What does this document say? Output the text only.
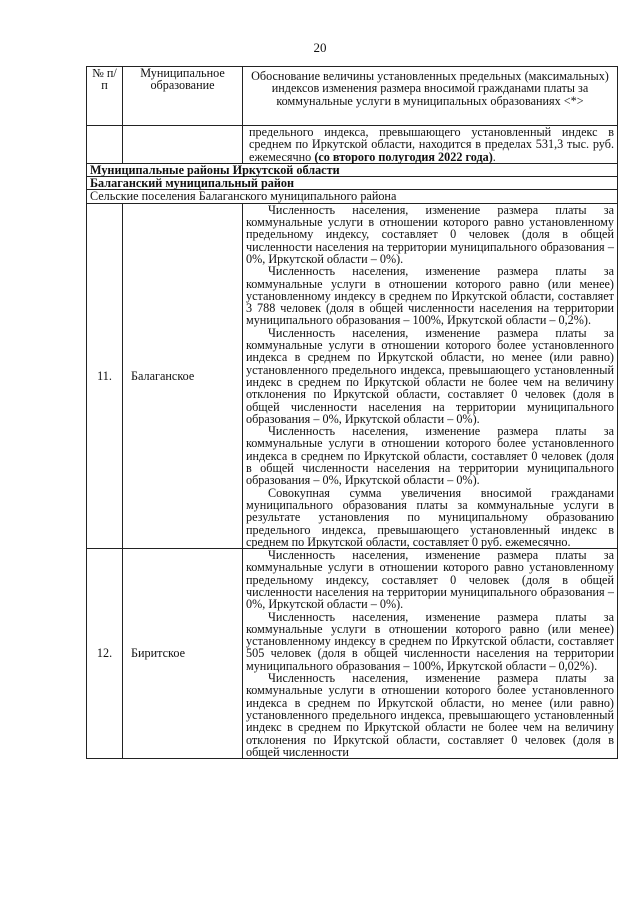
20
№ п/п	Муниципальное образование	Обоснование величины установленных предельных (максимальных) индексов изменения размера вносимой гражданами платы за коммунальные услуги в муниципальных образованиях <*>
		предельного индекса, превышающего установленный индекс в среднем по Иркутской области, находится в пределах 531,3 тыс. руб. ежемесячно (со второго полугодия 2022 года).
Муниципальные районы Иркутской области		
Балаганский муниципальный район		
Сельские поселения Балаганского муниципального района		
11.	Балаганское	Численность населения, изменение размера платы за коммунальные услуги в отношении которого равно установленному предельному индексу, составляет 0 человек (доля в общей численности населения на территории муниципального образования – 0%, Иркутской области – 0%).

Численность населения, изменение размера платы за коммунальные услуги в отношении которого равно (или менее) установленному индексу в среднем по Иркутской области, составляет 3 788 человек (доля в общей численности населения на территории муниципального образования – 100%, Иркутской области – 0,2%).

Численность населения, изменение размера платы за коммунальные услуги в отношении которого более установленного индекса в среднем по Иркутской области, но менее (или равно) установленного предельного индекса, превышающего установленный индекс в среднем по Иркутской области не более чем на величину отклонения по Иркутской области, составляет 0 человек (доля в общей численности населения на территории муниципального образования – 0%, Иркутской области – 0%).

Численность населения, изменение размера платы за коммунальные услуги в отношении которого более установленного индекса в среднем по Иркутской области, составляет 0 человек (доля в общей численности населения на территории муниципального образования – 0%, Иркутской области – 0%).

Совокупная сумма увеличения вносимой гражданами муниципального образования платы за коммунальные услуги в результате установления по муниципальному образованию предельного индекса, превышающего установленный индекс в среднем по Иркутской области, составляет 0 руб. ежемесячно.

12.	Биритское	Численность населения, изменение размера платы за коммунальные услуги в отношении которого равно установленному предельному индексу, составляет 0 человек (доля в общей численности населения на территории муниципального образования – 0%, Иркутской области – 0%).

Численность населения, изменение размера платы за коммунальные услуги в отношении которого равно (или менее) установленному индексу в среднем по Иркутской области, составляет 505 человек (доля в общей численности населения на территории муниципального образования – 100%, Иркутской области – 0,02%).

Численность населения, изменение размера платы за коммунальные услуги в отношении которого более установленного индекса в среднем по Иркутской области, но менее (или равно) установленного предельного индекса, превышающего установленный индекс в среднем по Иркутской области не более чем на величину отклонения по Иркутской области, составляет 0 человек (доля в общей численности
